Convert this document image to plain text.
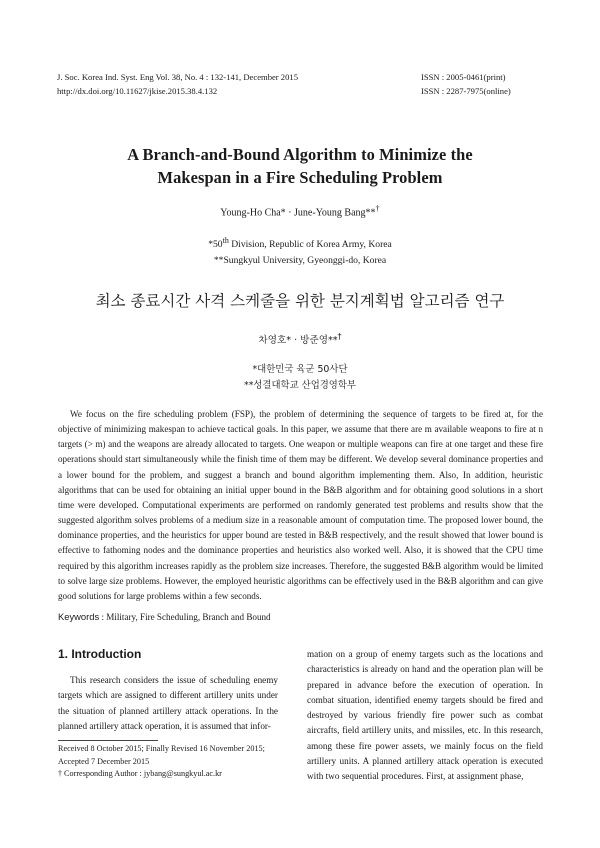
J. Soc. Korea Ind. Syst. Eng Vol. 38, No. 4 : 132-141, December 2015
http://dx.doi.org/10.11627/jkise.2015.38.4.132
ISSN : 2005-0461(print)
ISSN : 2287-7975(online)
A Branch-and-Bound Algorithm to Minimize the
Makespan in a Fire Scheduling Problem
Young-Ho Cha* · June-Young Bang**†
*50th Division, Republic of Korea Army, Korea
**Sungkyul University, Gyeonggi-do, Korea
최소 종료시간 사격 스케줄을 위한 분지계획법 알고리즘 연구
차영호* · 방준영**†
*대한민국 육군 50사단
**성결대학교 산업경영학부

We focus on the fire scheduling problem (FSP), the problem of determining the sequence of targets to be fired at, for the objective of minimizing makespan to achieve tactical goals. In this paper, we assume that there are m available weapons to fire at n targets (> m) and the weapons are already allocated to targets. One weapon or multiple weapons can fire at one target and these fire operations should start simultaneously while the finish time of them may be different. We develop several dominance properties and a lower bound for the problem, and suggest a branch and bound algorithm implementing them. Also, In addition, heuristic algorithms that can be used for obtaining an initial upper bound in the B&B algorithm and for obtaining good solutions in a short time were developed. Computational experiments are performed on randomly generated test problems and results show that the suggested algorithm solves problems of a medium size in a reasonable amount of computation time. The proposed lower bound, the dominance properties, and the heuristics for upper bound are tested in B&B respectively, and the result showed that lower bound is effective to fathoming nodes and the dominance properties and heuristics also worked well. Also, it is showed that the CPU time required by this algorithm increases rapidly as the problem size increases. Therefore, the suggested B&B algorithm would be limited to solve large size problems. However, the employed heuristic algorithms can be effectively used in the B&B algorithm and can give good solutions for large problems within a few seconds.

Keywords : Military, Fire Scheduling, Branch and Bound
1. Introduction

This research considers the issue of scheduling enemy targets which are assigned to different artillery units under the situation of planned artillery attack operations. In the planned artillery attack operation, it is assumed that infor-

mation on a group of enemy targets such as the locations and characteristics is already on hand and the operation plan will be prepared in advance before the execution of operation. In combat situation, identified enemy targets should be fired and destroyed by various friendly fire power such as combat aircrafts, field artillery units, and missiles, etc. In this research, among these fire power assets, we mainly focus on the field artillery units. A planned artillery attack operation is executed with two sequential procedures. First, at assignment phase,

Received 8 October 2015; Finally Revised 16 November 2015;
Accepted 7 December 2015
† Corresponding Author : jybang@sungkyul.ac.kr
